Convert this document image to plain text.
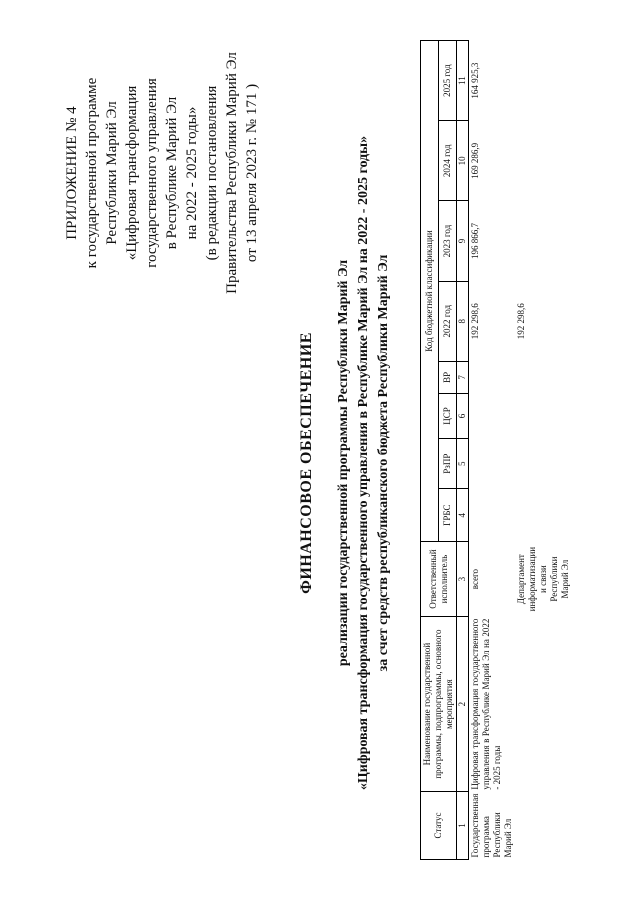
ПРИЛОЖЕНИЕ № 4 к государственной программе Республики Марий Эл «Цифровая трансформация государственного управления в Республике Марий Эл на 2022 - 2025 годы» (в редакции постановления Правительства Республики Марий Эл от 13 апреля 2023 г. № 171 )
ФИНАНСОВОЕ ОБЕСПЕЧЕНИЕ реализации государственной программы Республики Марий Эл «Цифровая трансформация государственного управления в Республике Марий Эл на 2022 - 2025 годы» за счет средств республиканского бюджета Республики Марий Эл
Статус	Наименование государственной программы, подпрограммы, основного мероприятия	Ответственный исполнитель	Код бюджетной классификации							
			ГРБС	РзПР	ЦСР	ВР	2022 год	2023 год	2024 год	2025 год
1	2	3	4	5	6	7	8	9	10	11
Государственная программа Республики Марий Эл	Цифровая трансформация государственного управления в Республике Марий Эл на 2022 - 2025 годы	всего					192 298,6	196 866,7	169 286,9	164 925,3
		Департамент информатизации и связи Республики Марий Эл					192 298,6			
